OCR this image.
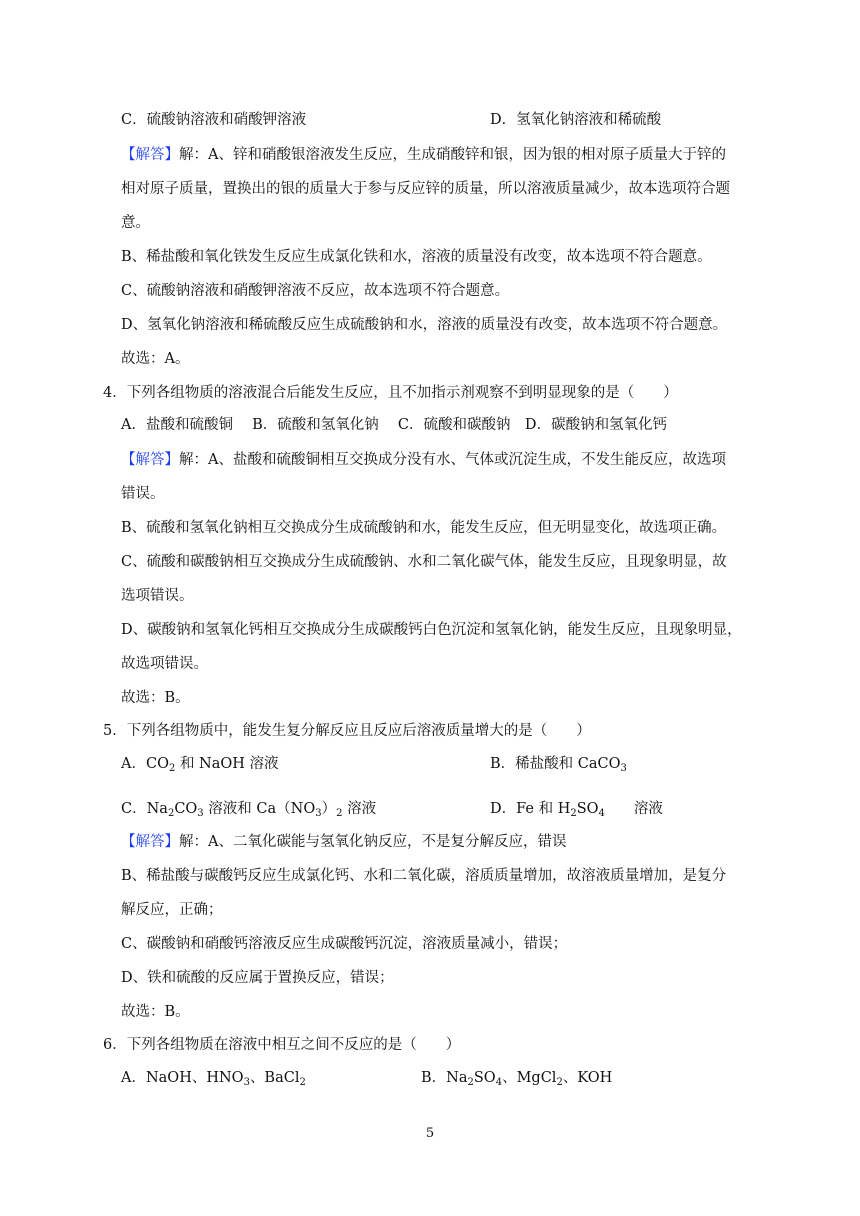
C．硫酸钠溶液和硝酸钾溶液	D．氢氧化钠溶液和稀硫酸
【解答】解：A、锌和硝酸银溶液发生反应，生成硝酸锌和银，因为银的相对原子质量大于锌的
相对原子质量，置换出的银的质量大于参与反应锌的质量，所以溶液质量减少，故本选项符合题
意。
B、稀盐酸和氧化铁发生反应生成氯化铁和水，溶液的质量没有改变，故本选项不符合题意。
C、硫酸钠溶液和硝酸钾溶液不反应，故本选项不符合题意。
D、氢氧化钠溶液和稀硫酸反应生成硫酸钠和水，溶液的质量没有改变，故本选项不符合题意。
故选：A。
4．下列各组物质的溶液混合后能发生反应，且不加指示剂观察不到明显现象的是（　　）
A．盐酸和硫酸铜　 B．硫酸和氢氧化钠　 C．硫酸和碳酸钠　D．碳酸钠和氢氧化钙
【解答】解：A、盐酸和硫酸铜相互交换成分没有水、气体或沉淀生成，不发生能反应，故选项
错误。
B、硫酸和氢氧化钠相互交换成分生成硫酸钠和水，能发生反应，但无明显变化，故选项正确。
C、硫酸和碳酸钠相互交换成分生成硫酸钠、水和二氧化碳气体，能发生反应，且现象明显，故
选项错误。
D、碳酸钠和氢氧化钙相互交换成分生成碳酸钙白色沉淀和氢氧化钠，能发生反应，且现象明显，
故选项错误。
故选：B。
5．下列各组物质中，能发生复分解反应且反应后溶液质量增大的是（　　）
A．$CO_2$ 和 NaOH 溶液	B．稀盐酸和 CaCO$_3$
C．$Na_2CO_3$ 溶液和 $Ca(NO_3)_2$ 溶液	D．Fe 和 $H_2SO_4$　　溶液
【解答】解：A、二氧化碳能与氢氧化钠反应，不是复分解反应，错误
B、稀盐酸与碳酸钙反应生成氯化钙、水和二氧化碳，溶质质量增加，故溶液质量增加，是复分
解反应，正确；
C、碳酸钠和硝酸钙溶液反应生成碳酸钙沉淀，溶液质量减小，错误；
D、铁和硫酸的反应属于置换反应，错误；
故选：B。
6．下列各组物质在溶液中相互之间不反应的是（　　）
A．NaOH、$HNO_3$、BaCl$_2$	B．$Na_2SO_4$、MgCl$_2$、KOH
5
